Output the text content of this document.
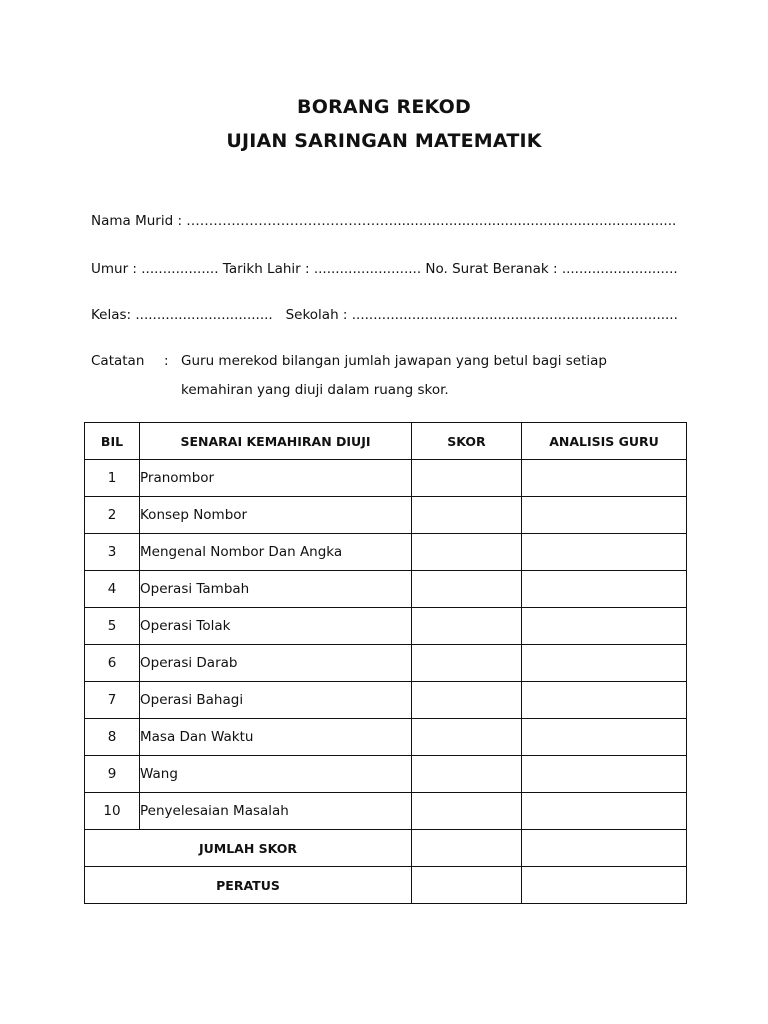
BORANG REKOD
UJIAN SARINGAN MATEMATIK
Nama Murid : ………………………………………...................................................................
Umur : .................. Tarikh Lahir : ......................... No. Surat Beranak : ...........................
Kelas: ................................   Sekolah : ............................................................................
Catatan : Guru merekod bilangan jumlah jawapan yang betul bagi setiap
kemahiran yang diuji dalam ruang skor.
BIL	SENARAI KEMAHIRAN DIUJI	SKOR	ANALISIS GURU
1	Pranombor		
2	Konsep Nombor		
3	Mengenal Nombor Dan Angka		
4	Operasi Tambah		
5	Operasi Tolak		
6	Operasi Darab		
7	Operasi Bahagi		
8	Masa Dan Waktu		
9	Wang		
10	Penyelesaian Masalah		
JUMLAH SKOR			
PERATUS			
